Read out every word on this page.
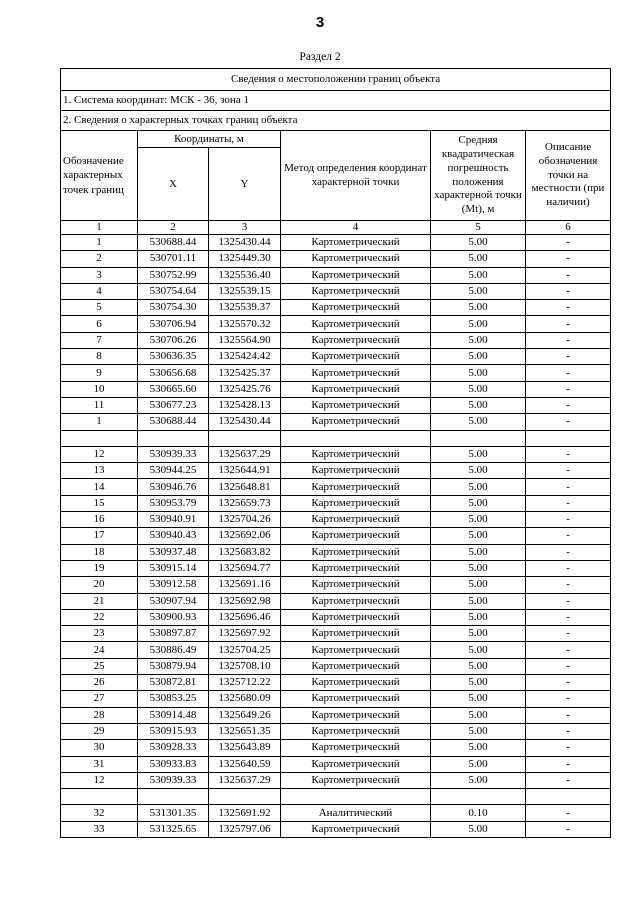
3
Раздел 2
Сведения о местоположении границ объекта					
1. Система координат: МСК - 36, зона 1					
2. Сведения о характерных точках границ объекта					
Обозначение характерных точек границ	Координаты, м		Метод определения координат характерной точки	Средняя квадратическая погрешность положения характерной точки (Mt), м	Описание обозначения точки на местности (при наличии)
	X	Y			
1	2	3	4	5	6
1	530688.44	1325430.44	Картометрический	5.00	-
2	530701.11	1325449.30	Картометрический	5.00	-
3	530752.99	1325536.40	Картометрический	5.00	-
4	530754.64	1325539.15	Картометрический	5.00	-
5	530754.30	1325539.37	Картометрический	5.00	-
6	530706.94	1325570.32	Картометрический	5.00	-
7	530706.26	1325564.90	Картометрический	5.00	-
8	530636.35	1325424.42	Картометрический	5.00	-
9	530656.68	1325425.37	Картометрический	5.00	-
10	530665.60	1325425.76	Картометрический	5.00	-
11	530677.23	1325428.13	Картометрический	5.00	-
1	530688.44	1325430.44	Картометрический	5.00	-

12	530939.33	1325637.29	Картометрический	5.00	-
13	530944.25	1325644.91	Картометрический	5.00	-
14	530946.76	1325648.81	Картометрический	5.00	-
15	530953.79	1325659.73	Картометрический	5.00	-
16	530940.91	1325704.26	Картометрический	5.00	-
17	530940.43	1325692.06	Картометрический	5.00	-
18	530937.48	1325683.82	Картометрический	5.00	-
19	530915.14	1325694.77	Картометрический	5.00	-
20	530912.58	1325691.16	Картометрический	5.00	-
21	530907.94	1325692.98	Картометрический	5.00	-
22	530900.93	1325696.46	Картометрический	5.00	-
23	530897.87	1325697.92	Картометрический	5.00	-
24	530886.49	1325704.25	Картометрический	5.00	-
25	530879.94	1325708.10	Картометрический	5.00	-
26	530872.81	1325712.22	Картометрический	5.00	-
27	530853.25	1325680.09	Картометрический	5.00	-
28	530914.48	1325649.26	Картометрический	5.00	-
29	530915.93	1325651.35	Картометрический	5.00	-
30	530928.33	1325643.89	Картометрический	5.00	-
31	530933.83	1325640.59	Картометрический	5.00	-
12	530939.33	1325637.29	Картометрический	5.00	-

32	531301.35	1325691.92	Аналитический	0.10	-
33	531325.65	1325797.06	Картометрический	5.00	-
